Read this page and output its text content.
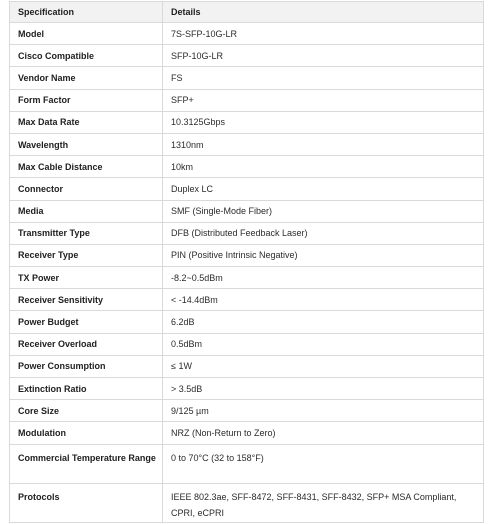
Specification	Details
Model	7S-SFP-10G-LR
Cisco Compatible	SFP-10G-LR
Vendor Name	FS
Form Factor	SFP+
Max Data Rate	10.3125Gbps
Wavelength	1310nm
Max Cable Distance	10km
Connector	Duplex LC
Media	SMF (Single-Mode Fiber)
Transmitter Type	DFB (Distributed Feedback Laser)
Receiver Type	PIN (Positive Intrinsic Negative)
TX Power	-8.2~0.5dBm
Receiver Sensitivity	< -14.4dBm
Power Budget	6.2dB
Receiver Overload	0.5dBm
Power Consumption	≤ 1W
Extinction Ratio	> 3.5dB
Core Size	9/125 µm
Modulation	NRZ (Non-Return to Zero)
Commercial Temperature Range	0 to 70°C (32 to 158°F)
Protocols	IEEE 802.3ae, SFF-8472, SFF-8431, SFF-8432, SFP+ MSA Compliant, CPRI, eCPRI
